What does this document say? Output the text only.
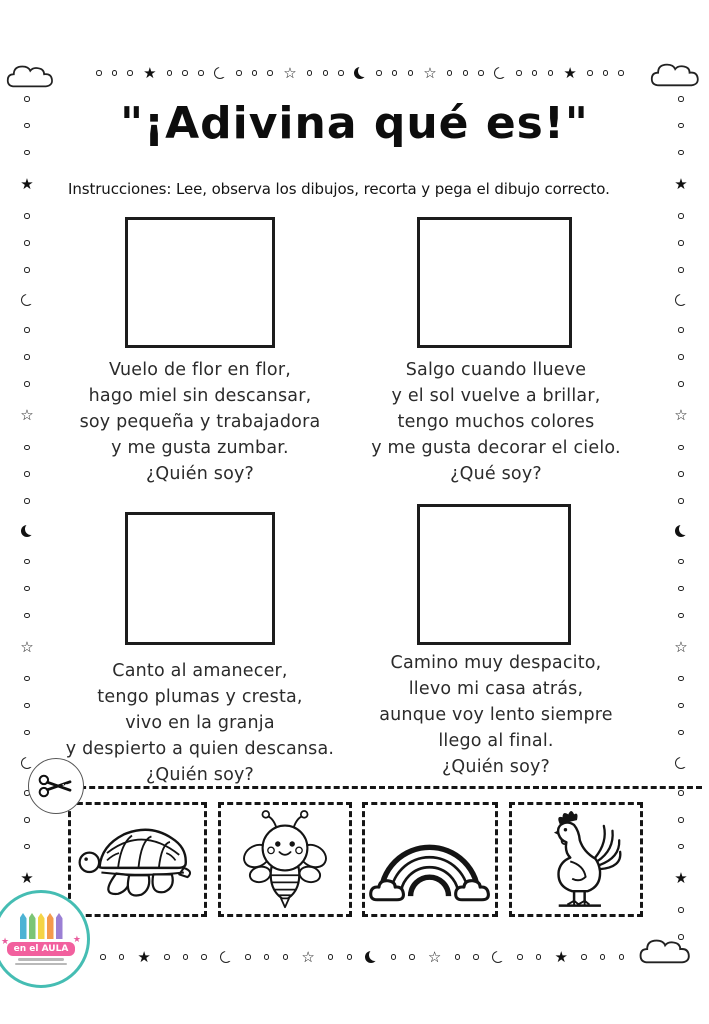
★	☆	☆	★
★	☆	☆	★
★
☆
☆
★
★
☆
☆
★
"¡Adivina qué es!"
Instrucciones: Lee, observa los dibujos, recorta y pega el dibujo correcto.
Vuelo de flor en flor,
hago miel sin descansar,
soy pequeña y trabajadora
y me gusta zumbar.
¿Quién soy?
Salgo cuando llueve
y el sol vuelve a brillar,
tengo muchos colores
y me gusta decorar el cielo.
¿Qué soy?
Canto al amanecer,
tengo plumas y cresta,
vivo en la granja
y despierto a quien descansa.
¿Quién soy?
Camino muy despacito,
llevo mi casa atrás,
aunque voy lento siempre
llego al final.
¿Quién soy?
★	★
en el AULA
